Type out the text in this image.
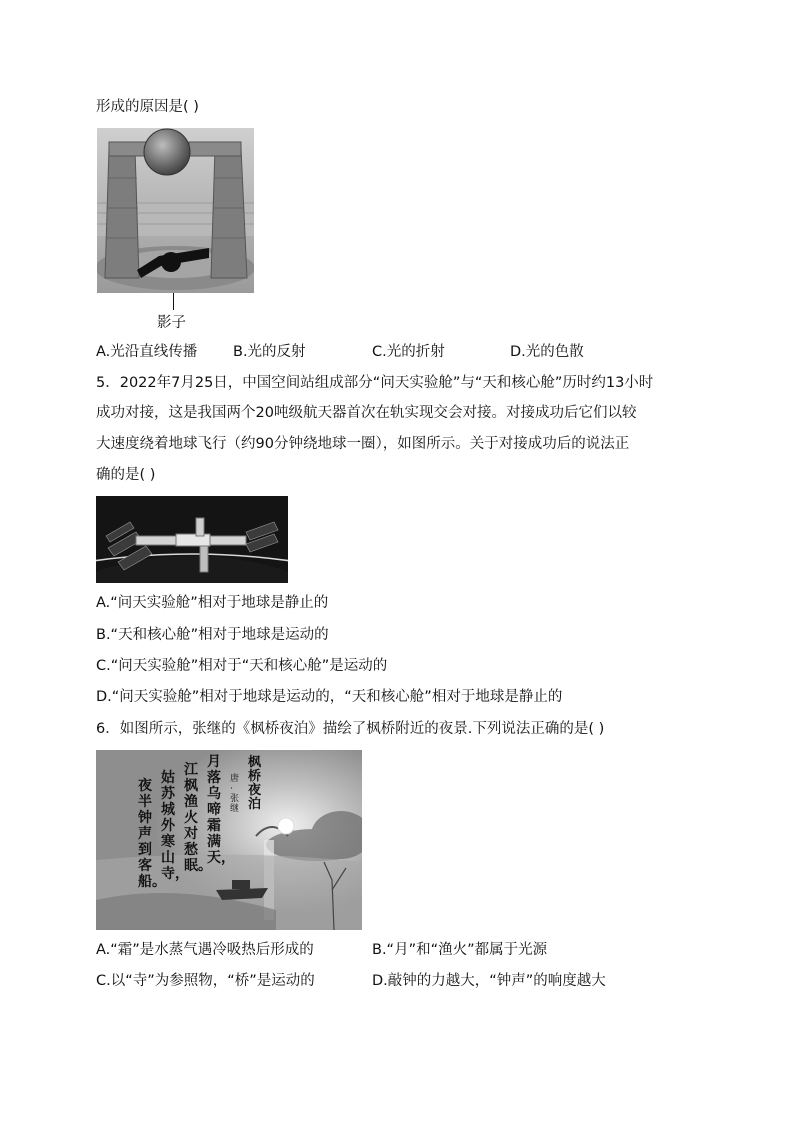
形成的原因是( )
影子
A.光沿直线传播 B.光的反射	C.光的折射	D.光的色散
5．2022年7月25日，中国空间站组成部分“问天实验舱”与“天和核心舱”历时约13小时
成功对接，这是我国两个20吨级航天器首次在轨实现交会对接。对接成功后它们以较
大速度绕着地球飞行（约90分钟绕地球一圈），如图所示。关于对接成功后的说法正
确的是( )
A.“问天实验舱”相对于地球是静止的
B.“天和核心舱”相对于地球是运动的
C.“问天实验舱”相对于“天和核心舱”是运动的
D.“问天实验舱”相对于地球是运动的，“天和核心舱”相对于地球是静止的
6．如图所示，张继的《枫桥夜泊》描绘了枫桥附近的夜景.下列说法正确的是( )
枫桥夜泊
唐·张继
月落乌啼霜满天，
江枫渔火对愁眠。
姑苏城外寒山寺，
夜半钟声到客船。
A.“霜”是水蒸气遇冷吸热后形成的	B.“月”和“渔火”都属于光源
C.以“寺”为参照物，“桥”是运动的	D.敲钟的力越大，“钟声”的响度越大
